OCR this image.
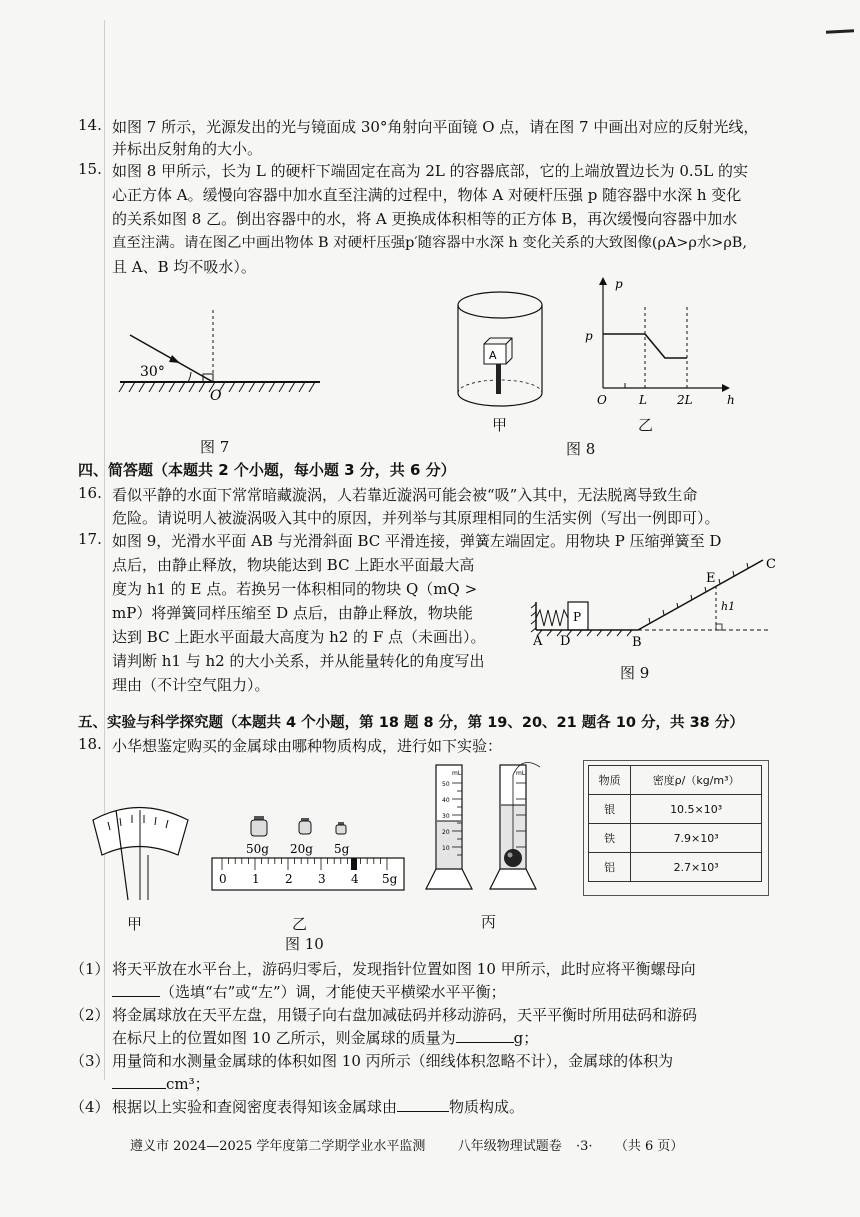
14. 如图 7 所示，光源发出的光与镜面成 30°角射向平面镜 O 点，请在图 7 中画出对应的反射光线，
并标出反射角的大小。
15. 如图 8 甲所示，长为 L 的硬杆下端固定在高为 2L 的容器底部，它的上端放置边长为 0.5L 的实
心正方体 A。缓慢向容器中加水直至注满的过程中，物体 A 对硬杆压强 p 随容器中水深 h 变化
的关系如图 8 乙。倒出容器中的水，将 A 更换成体积相等的正方体 B，再次缓慢向容器中加水
直至注满。请在图乙中画出物体 B 对硬杆压强p′随容器中水深 h 变化关系的大致图像(ρA>ρ水>ρB,
且 A、B 均不吸水）。
30°
O
图 7
A
甲
p
p
O	L	2L	h
乙
图 8
四、简答题（本题共 2 个小题，每小题 3 分，共 6 分）
16. 看似平静的水面下常常暗藏漩涡，人若靠近漩涡可能会被“吸”入其中，无法脱离导致生命
危险。请说明人被漩涡吸入其中的原因，并列举与其原理相同的生活实例（写出一例即可）。
17. 如图 9，光滑水平面 AB 与光滑斜面 BC 平滑连接，弹簧左端固定。用物块 P 压缩弹簧至 D
点后，由静止释放，物块能达到 BC 上距水平面最大高
度为 h1 的 E 点。若换另一体积相同的物块 Q（mQ >
mP）将弹簧同样压缩至 D 点后，由静止释放，物块能
达到 BC 上距水平面最大高度为 h2 的 F 点（未画出）。
请判断 h1 与 h2 的大小关系，并从能量转化的角度写出
理由（不计空气阻力）。
A D	B
P
E
C
h1
图 9
五、实验与科学探究题（本题共 4 个小题，第 18 题 8 分，第 19、20、21 题各 10 分，共 38 分）
18. 小华想鉴定购买的金属球由哪种物质构成，进行如下实验：
甲
50g 20g 5g
0 1 2 3 4 5g
乙
mL
50
40
30
20
10
mL
丙
图 10
物质	密度ρ/（kg/m³）
银	10.5×10³
铁	7.9×10³
铝	2.7×10³
（1） 将天平放在水平台上，游码归零后，发现指针位置如图 10 甲所示，此时应将平衡螺母向
（选填“右”或“左”）调，才能使天平横梁水平平衡；
（2） 将金属球放在天平左盘，用镊子向右盘加减砝码并移动游码，天平平衡时所用砝码和游码
在标尺上的位置如图 10 乙所示，则金属球的质量为	g；
（3） 用量筒和水测量金属球的体积如图 10 丙所示（细线体积忽略不计），金属球的体积为
cm³；
（4） 根据以上实验和查阅密度表得知该金属球由	物质构成。
遵义市 2024—2025 学年度第二学期学业水平监测 八年级物理试题卷 ·3· （共 6 页）
